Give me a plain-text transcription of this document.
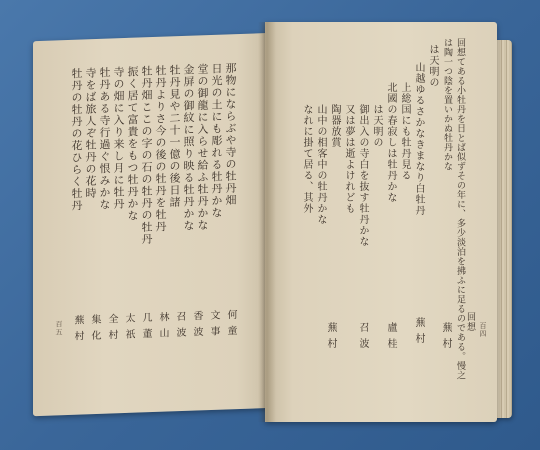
那物にならぶや寺の牡丹畑
日光の土にも彫れる牡丹かな
堂の御龍に入らせ給ふ牡丹かな
金屏の御紋に照り映る牡丹かな
牡丹見や二十一億の後日諸
牡丹よりさ今の後の牡丹を牡丹
牡丹畑ここの字の石の牡丹の牡丹
振く居て富貴をもつ牡丹かな
寺の畑に入り来し月に牡丹
牡丹ある寺行過ぐ恨みかな
寺をば旅人ぞ牡丹の花時
牡丹の牡丹の花ひらく牡丹
何童
文事
香波
召波
林山
几董
太祇
全村
集化
蕪村
百五	回想
回想てある小牡丹を日とば似ずその年に、多少淡泊を拂ふに足るのである。慢之
は陶一つ陰を置いかぬ牡丹かな
は天明の
山越ゆるさかなきまなり白牡丹
上総国にも牡丹見る
北國の春寂しは牡丹かな
は天明の
御出入の寺白を抜す牡丹かな
又は夢は逝よけれども
陶器放賞
山中の相客中の牡丹かな
なれに掛て居る、其外
蕪村
蕪村
盧桂
召波
蕪村	百四
